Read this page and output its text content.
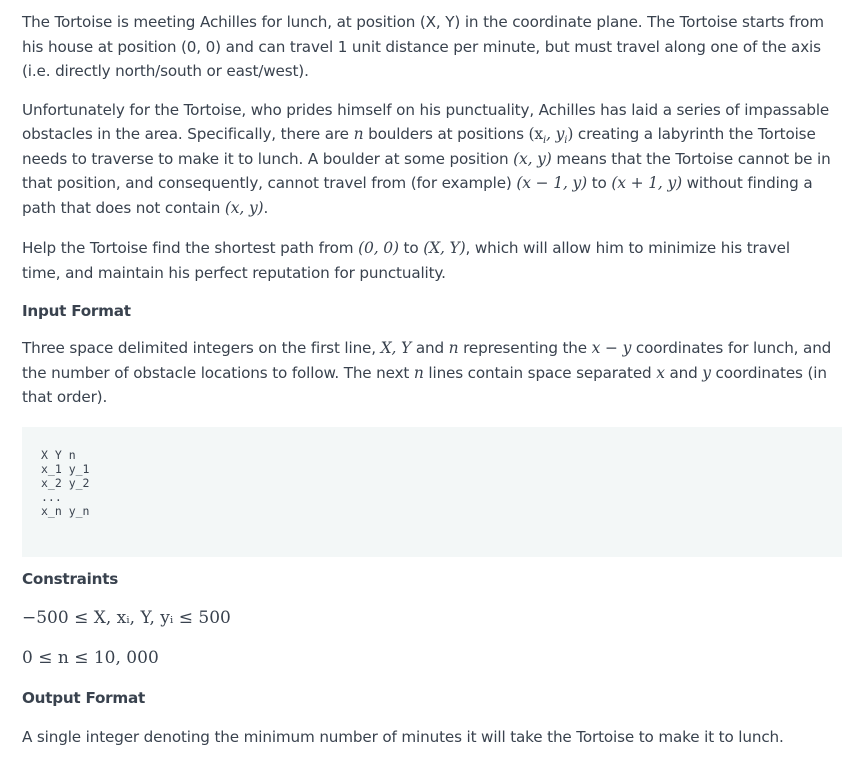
The Tortoise is meeting Achilles for lunch, at position (X, Y) in the coordinate plane. The Tortoise starts from his house at position (0, 0) and can travel 1 unit distance per minute, but must travel along one of the axis (i.e. directly north/south or east/west).

Unfortunately for the Tortoise, who prides himself on his punctuality, Achilles has laid a series of impassable obstacles in the area. Specifically, there are n boulders at positions ($x_i$, $y_i$) creating a labyrinth the Tortoise needs to traverse to make it to lunch. A boulder at some position (x, y) means that the Tortoise cannot be in that position, and consequently, cannot travel from (for example) (x − 1, y) to (x + 1, y) without finding a path that does not contain (x, y).

Help the Tortoise find the shortest path from (0, 0) to (X, Y), which will allow him to minimize his travel time, and maintain his perfect reputation for punctuality.

Input Format

Three space delimited integers on the first line, X, Y and n representing the x − y coordinates for lunch, and the number of obstacle locations to follow. The next n lines contain space separated x and y coordinates (in that order).

X Y n
x_1 y_1
x_2 y_2
...
x_n y_n
Constraints
−500 ≤ X, xᵢ, Y, yᵢ ≤ 500
0 ≤ n ≤ 10, 000
Output Format

A single integer denoting the minimum number of minutes it will take the Tortoise to make it to lunch.
